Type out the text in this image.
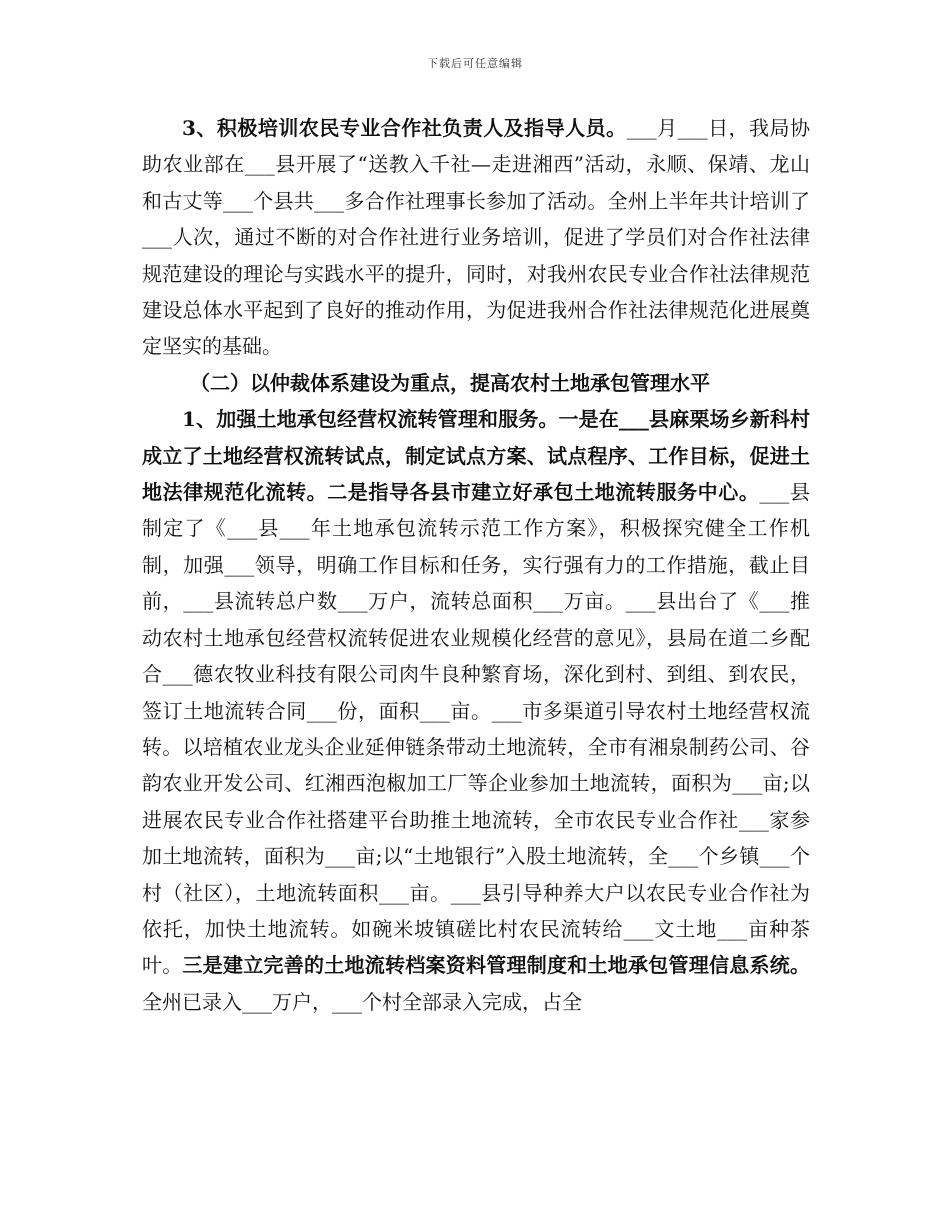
下载后可任意编辑

3、积极培训农民专业合作社负责人及指导人员。___月___日，我局协助农业部在___县开展了“送教入千社—走进湘西”活动，永顺、保靖、龙山和古丈等___个县共___多合作社理事长参加了活动。全州上半年共计培训了___人次，通过不断的对合作社进行业务培训，促进了学员们对合作社法律规范建设的理论与实践水平的提升，同时，对我州农民专业合作社法律规范建设总体水平起到了良好的推动作用，为促进我州合作社法律规范化进展奠定坚实的基础。

（二）以仲裁体系建设为重点，提高农村土地承包管理水平

1、加强土地承包经营权流转管理和服务。一是在___县麻栗场乡新科村成立了土地经营权流转试点，制定试点方案、试点程序、工作目标，促进土地法律规范化流转。二是指导各县市建立好承包土地流转服务中心。___县制定了《___县___年土地承包流转示范工作方案》，积极探究健全工作机制，加强___领导，明确工作目标和任务，实行强有力的工作措施，截止目前，___县流转总户数___万户，流转总面积___万亩。___县出台了《___推动农村土地承包经营权流转促进农业规模化经营的意见》，县局在道二乡配合___德农牧业科技有限公司肉牛良种繁育场，深化到村、到组、到农民，签订土地流转合同___份，面积___亩。___市多渠道引导农村土地经营权流转。以培植农业龙头企业延伸链条带动土地流转，全市有湘泉制药公司、谷韵农业开发公司、红湘西泡椒加工厂等企业参加土地流转，面积为___亩;以进展农民专业合作社搭建平台助推土地流转，全市农民专业合作社___家参加土地流转，面积为___亩;以“土地银行”入股土地流转，全___个乡镇___个村（社区），土地流转面积___亩。___县引导种养大户以农民专业合作社为依托，加快土地流转。如碗米坡镇磋比村农民流转给___文土地___亩种茶叶。三是建立完善的土地流转档案资料管理制度和土地承包管理信息系统。全州已录入___万户，___个村全部录入完成，占全
